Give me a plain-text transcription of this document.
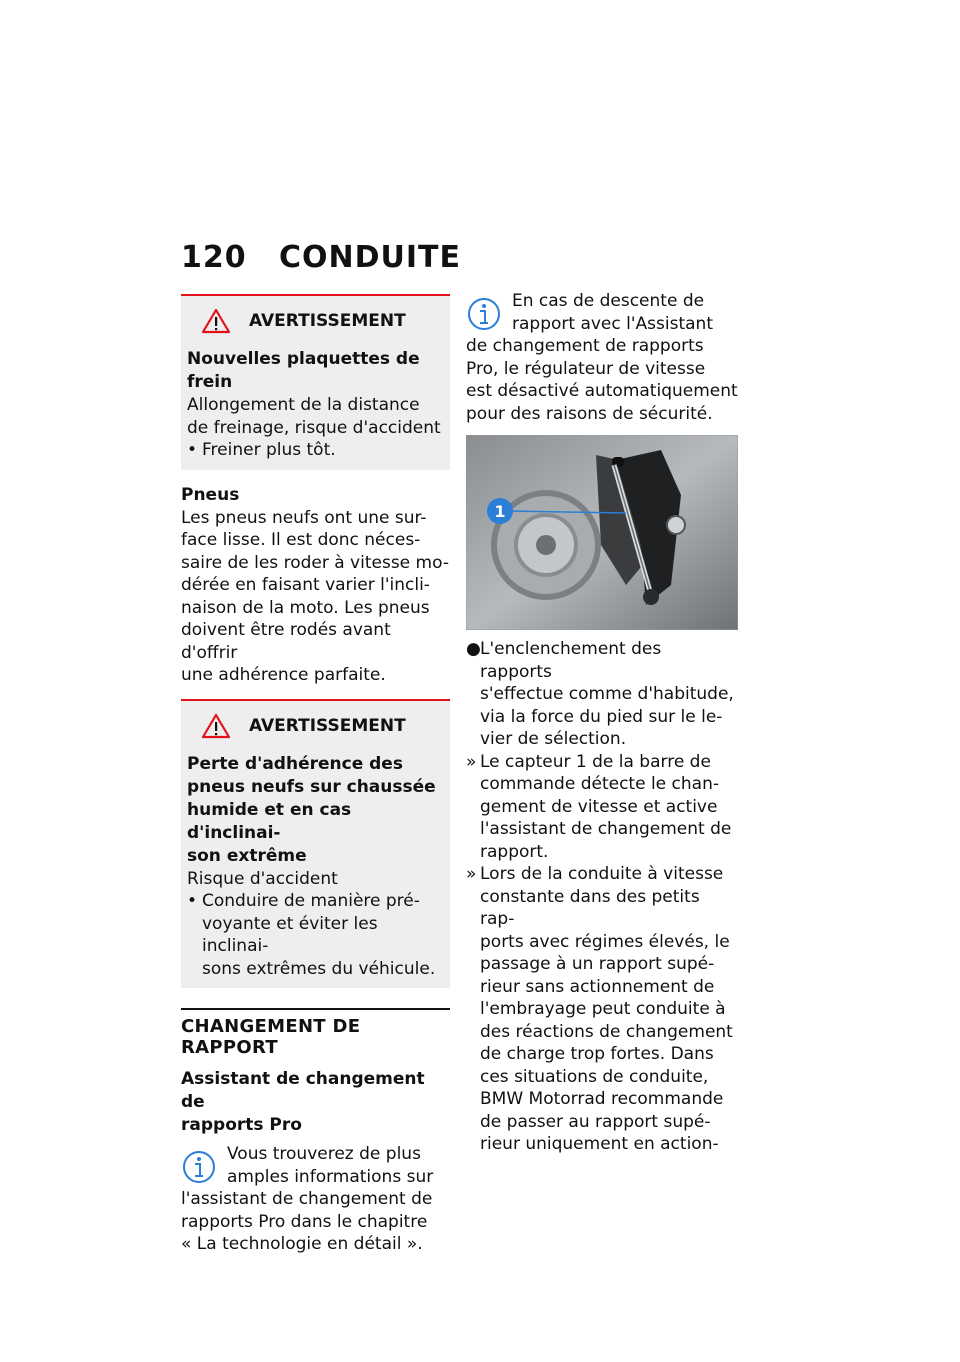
120 CONDUITE
AVERTISSEMENT
Nouvelles plaquettes de
frein
Allongement de la distance
de freinage, risque d'accident
• Freiner plus tôt.
Pneus
Les pneus neufs ont une sur-
face lisse. Il est donc néces-
saire de les roder à vitesse mo-
dérée en faisant varier l'incli-
naison de la moto. Les pneus
doivent être rodés avant d'offrir
une adhérence parfaite.
AVERTISSEMENT
Perte d'adhérence des
pneus neufs sur chaussée
humide et en cas d'inclinai-
son extrême
Risque d'accident
• Conduire de manière pré-
voyante et éviter les inclinai-
sons extrêmes du véhicule.
CHANGEMENT DE RAPPORT
Assistant de changement de
rapports Pro
Vous trouverez de plus
amples informations sur
l'assistant de changement de
rapports Pro dans le chapitre
« La technologie en détail ».
En cas de descente de
rapport avec l'Assistant
de changement de rapports
Pro, le régulateur de vitesse
est désactivé automatiquement
pour des raisons de sécurité.
1
● L'enclenchement des rapports
s'effectue comme d'habitude,
via la force du pied sur le le-
vier de sélection.
» Le capteur 1 de la barre de
commande détecte le chan-
gement de vitesse et active
l'assistant de changement de
rapport.
» Lors de la conduite à vitesse
constante dans des petits rap-
ports avec régimes élevés, le
passage à un rapport supé-
rieur sans actionnement de
l'embrayage peut conduite à
des réactions de changement
de charge trop fortes. Dans
ces situations de conduite,
BMW Motorrad recommande
de passer au rapport supé-
rieur uniquement en action-
